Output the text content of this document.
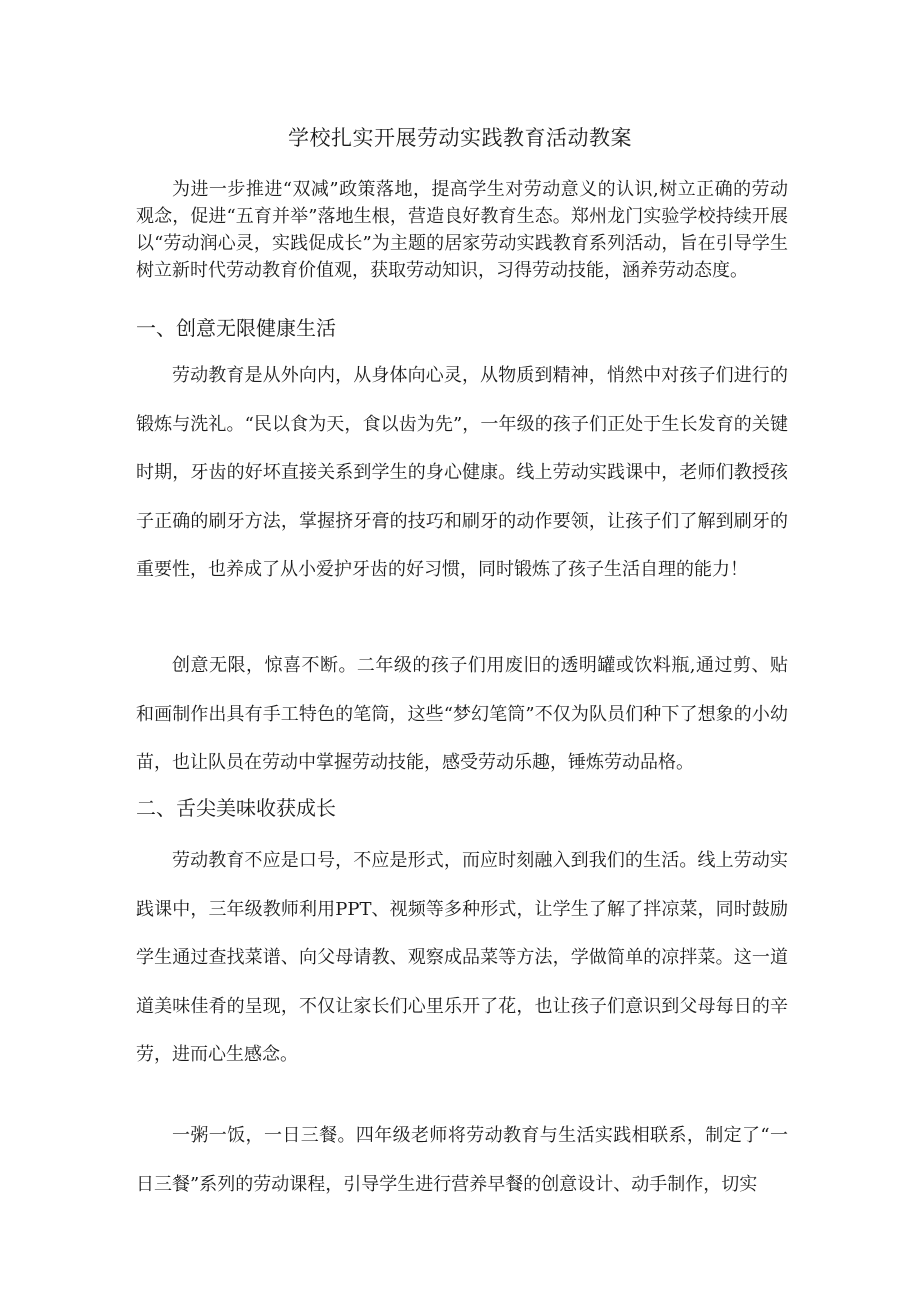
学校扎实开展劳动实践教育活动教案

为进一步推进“双减”政策落地，提高学生对劳动意义的认识,树立正确的劳动观念，促进“五育并举”落地生根，营造良好教育生态。郑州龙门实验学校持续开展以“劳动润心灵，实践促成长”为主题的居家劳动实践教育系列活动，旨在引导学生树立新时代劳动教育价值观，获取劳动知识，习得劳动技能，涵养劳动态度。

一、创意无限健康生活

劳动教育是从外向内，从身体向心灵，从物质到精神，悄然中对孩子们进行的锻炼与洗礼。“民以食为天，食以齿为先”，一年级的孩子们正处于生长发育的关键时期，牙齿的好坏直接关系到学生的身心健康。线上劳动实践课中，老师们教授孩子正确的刷牙方法，掌握挤牙膏的技巧和刷牙的动作要领，让孩子们了解到刷牙的重要性，也养成了从小爱护牙齿的好习惯，同时锻炼了孩子生活自理的能力！

创意无限，惊喜不断。二年级的孩子们用废旧的透明罐或饮料瓶,通过剪、贴和画制作出具有手工特色的笔筒，这些“梦幻笔筒”不仅为队员们种下了想象的小幼苗，也让队员在劳动中掌握劳动技能，感受劳动乐趣，锤炼劳动品格。

二、舌尖美味收获成长

劳动教育不应是口号，不应是形式，而应时刻融入到我们的生活。线上劳动实践课中，三年级教师利用PPT、视频等多种形式，让学生了解了拌凉菜，同时鼓励学生通过查找菜谱、向父母请教、观察成品菜等方法，学做简单的凉拌菜。这一道道美味佳肴的呈现，不仅让家长们心里乐开了花，也让孩子们意识到父母每日的辛劳，进而心生感念。

一粥一饭，一日三餐。四年级老师将劳动教育与生活实践相联系，制定了“一日三餐”系列的劳动课程，引导学生进行营养早餐的创意设计、动手制作，切实
